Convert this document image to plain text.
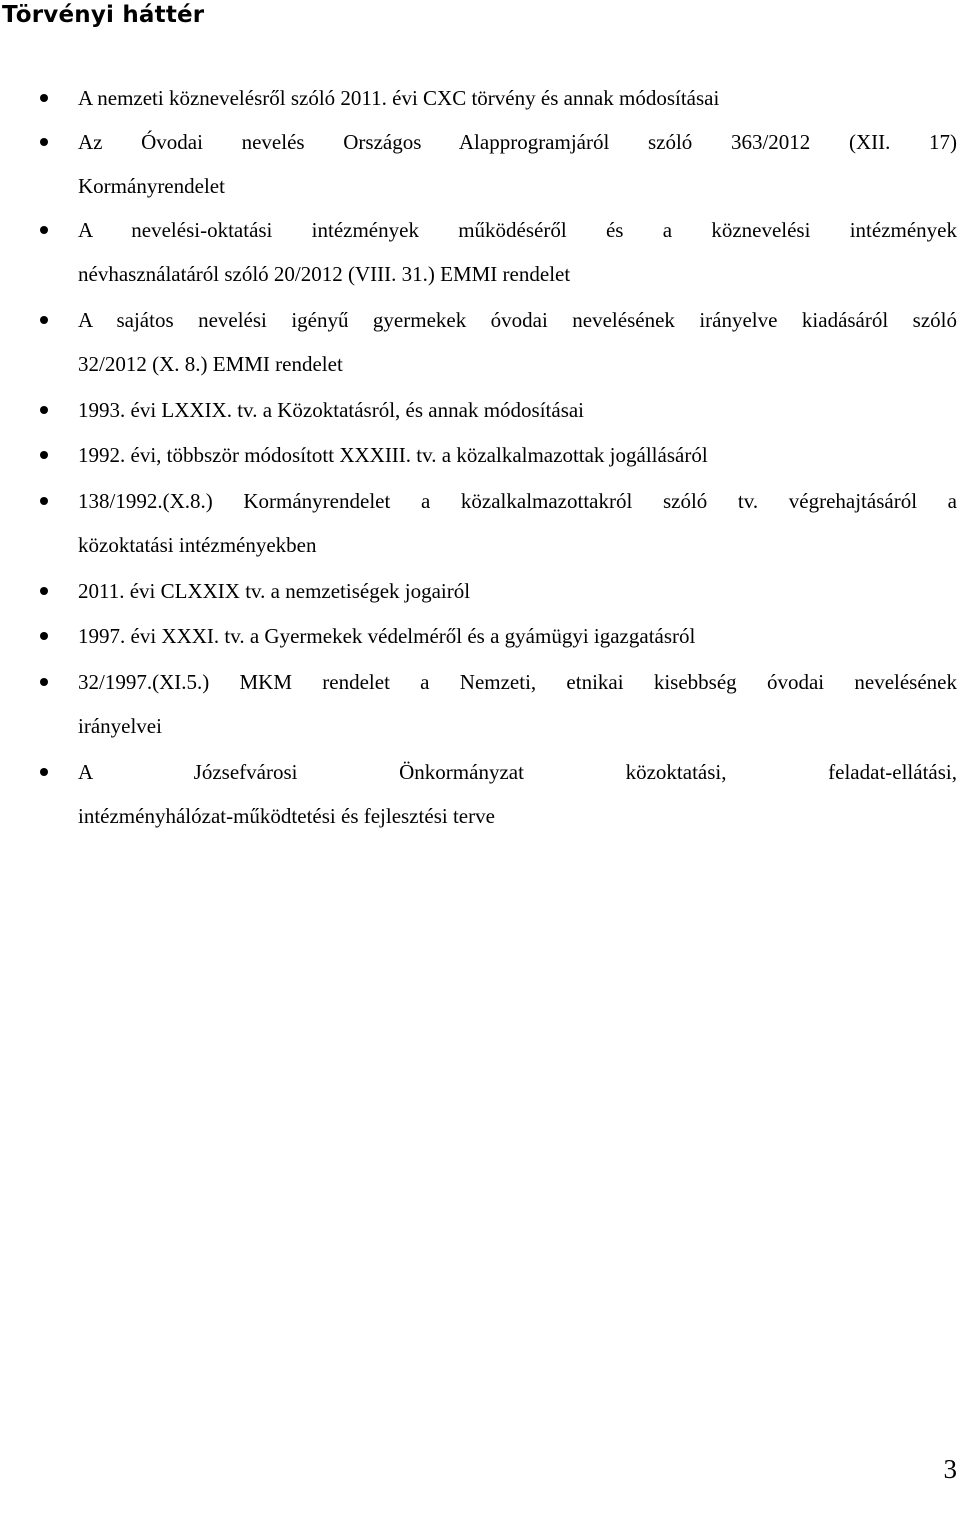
Törvényi háttér
A nemzeti köznevelésről szóló 2011. évi CXC törvény és annak módosításai
Az Óvodai nevelés Országos Alapprogramjáról szóló 363/2012 (XII. 17)
Kormányrendelet
A nevelési-oktatási intézmények működéséről és a köznevelési intézmények
névhasználatáról szóló 20/2012 (VIII. 31.) EMMI rendelet
A sajátos nevelési igényű gyermekek óvodai nevelésének irányelve kiadásáról szóló
32/2012 (X. 8.) EMMI rendelet
1993. évi LXXIX. tv. a Közoktatásról, és annak módosításai
1992. évi, többször módosított XXXIII. tv. a közalkalmazottak jogállásáról
138/1992.(X.8.) Kormányrendelet a közalkalmazottakról szóló tv. végrehajtásáról a
közoktatási intézményekben
2011. évi CLXXIX tv. a nemzetiségek jogairól
1997. évi XXXI. tv. a Gyermekek védelméről és a gyámügyi igazgatásról
32/1997.(XI.5.) MKM rendelet a Nemzeti, etnikai kisebbség óvodai nevelésének
irányelvei
A Józsefvárosi Önkormányzat közoktatási, feladat-ellátási,
intézményhálózat-működtetési és fejlesztési terve
3
